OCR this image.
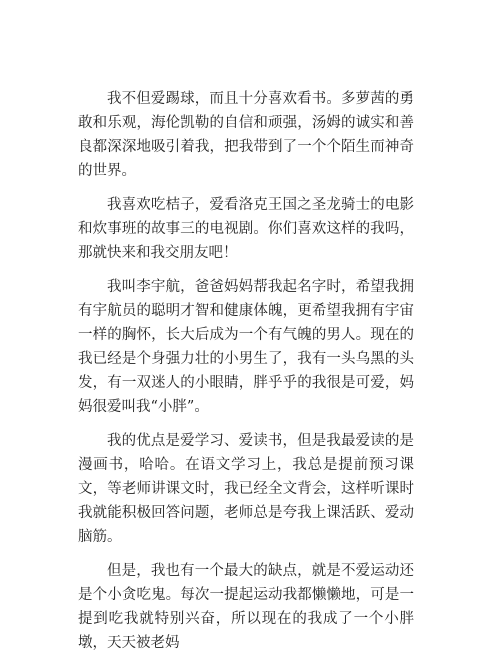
我不但爱踢球，而且十分喜欢看书。多萝茜的勇敢和乐观，海伦凯勒的自信和顽强，汤姆的诚实和善良都深深地吸引着我，把我带到了一个个陌生而神奇的世界。

我喜欢吃桔子，爱看洛克王国之圣龙骑士的电影和炊事班的故事三的电视剧。你们喜欢这样的我吗，那就快来和我交朋友吧！

我叫李宇航，爸爸妈妈帮我起名字时，希望我拥有宇航员的聪明才智和健康体魄，更希望我拥有宇宙一样的胸怀，长大后成为一个有气魄的男人。现在的我已经是个身强力壮的小男生了，我有一头乌黑的头发，有一双迷人的小眼睛，胖乎乎的我很是可爱，妈妈很爱叫我“小胖”。

我的优点是爱学习、爱读书，但是我最爱读的是漫画书，哈哈。在语文学习上，我总是提前预习课文，等老师讲课文时，我已经全文背会，这样听课时我就能积极回答问题，老师总是夸我上课活跃、爱动脑筋。

但是，我也有一个最大的缺点，就是不爱运动还是个小贪吃鬼。每次一提起运动我都懒懒地，可是一提到吃我就特别兴奋，所以现在的我成了一个小胖墩，天天被老妈
